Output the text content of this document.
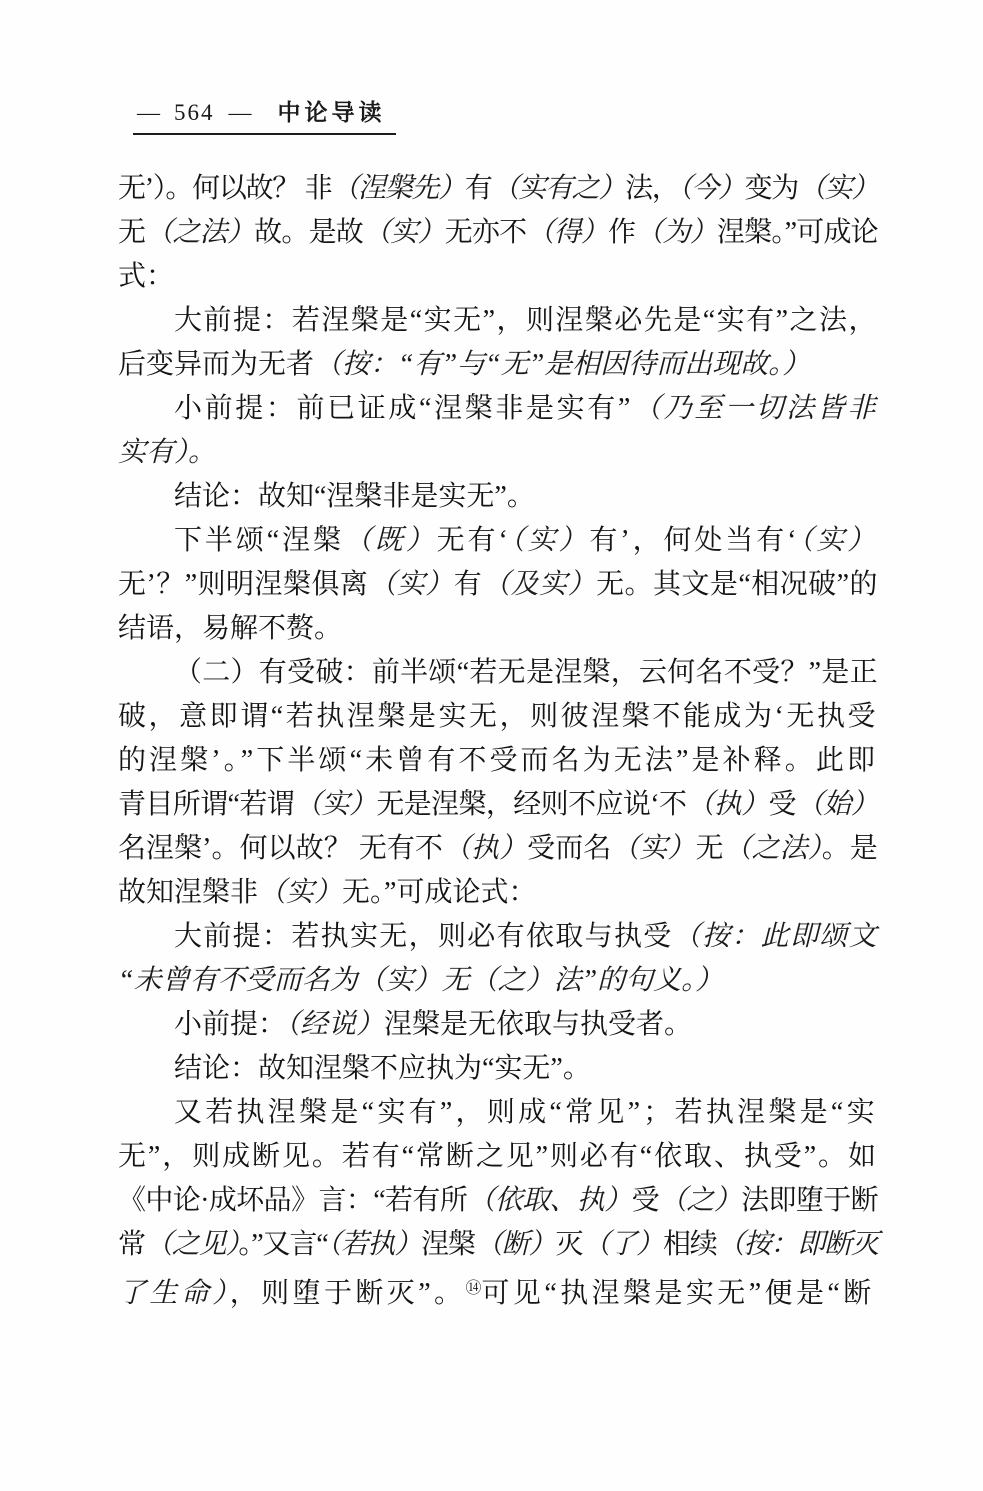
— 564 — 中论导读
无’）。何以故？ 非（涅槃先）有（实有之）法，（今）变为（实）
无（之法）故。是故（实）无亦不（得）作（为）涅槃。”可成论
式：
大前提：若涅槃是“实无”，则涅槃必先是“实有”之法，
后变异而为无者（按：“有”与“无”是相因待而出现故。）
小前提：前已证成“涅槃非是实有”（乃至一切法皆非
实有）。
结论：故知“涅槃非是实无”。
下半颂“涅槃（既）无有‘（实）有’，何处当有‘（实）
无’？”则明涅槃俱离（实）有（及实）无。其文是“相况破”的
结语，易解不赘。
（二）有受破：前半颂“若无是涅槃，云何名不受？”是正
破，意即谓“若执涅槃是实无，则彼涅槃不能成为‘无执受
的涅槃’。”下半颂“未曾有不受而名为无法”是补释。此即
青目所谓“若谓（实）无是涅槃，经则不应说‘不（执）受（始）
名涅槃’。何以故？ 无有不（执）受而名（实）无（之法）。是
故知涅槃非（实）无。”可成论式：
大前提：若执实无，则必有依取与执受（按：此即颂文
“未曾有不受而名为（实）无（之）法”的句义。）
小前提：（经说）涅槃是无依取与执受者。
结论：故知涅槃不应执为“实无”。
又若执涅槃是“实有”，则成“常见”；若执涅槃是“实
无”，则成断见。若有“常断之见”则必有“依取、执受”。如
《中论·成坏品》言：“若有所（依取、执）受（之）法即堕于断
常（之见）。”又言“（若执）涅槃（断）灭（了）相续（按：即断灭
了生命），则堕于断灭”。⑭可见“执涅槃是实无”便是“断
